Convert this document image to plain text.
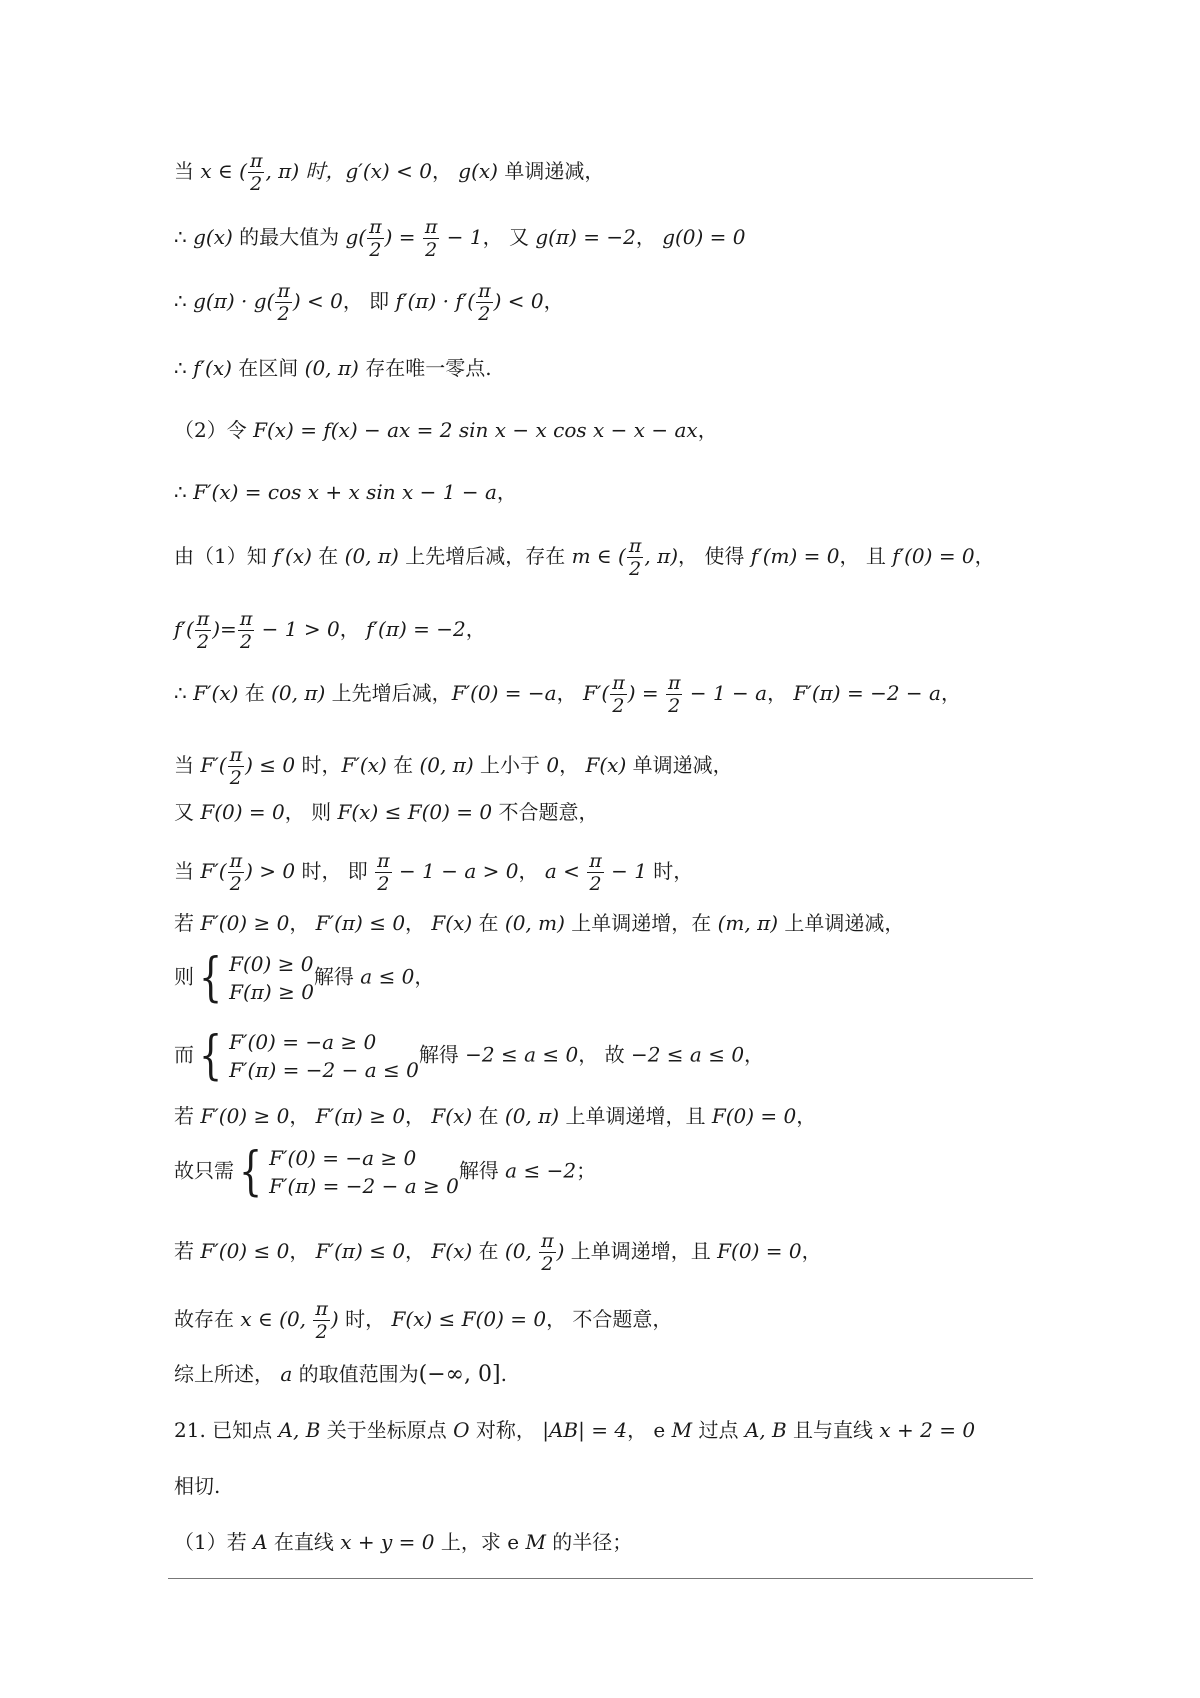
当 x ∈ ( $\frac{\pi}{2}$ , π) 时，g′(x) < 0， g(x) 单调递减，
∴ g(x) 的最大值为 $g( \frac{\pi}{2}$ ) = $\frac{\pi}{2} - 1$， 又 g(π) = −2， g(0) = 0
∴ $g(\pi) \cdot g( \frac{\pi}{2}$ ) < 0， 即 $f'(\pi) \cdot f'( \frac{\pi}{2}$ ) < 0，
∴ f′(x) 在区间 (0, π) 存在唯一零点.
（2）令 F(x) = f(x) − ax = 2 sin x − x cos x − x − ax，
∴ F′(x) = cos x + x sin x − 1 − a，
由（1）知 f′(x) 在 (0, π) 上先增后减，存在 m ∈ ( $\frac{\pi}{2}$ , π)， 使得 f′(m) = 0， 且 f′(0) = 0，
$f'( \frac{\pi}{2}$ )= $\frac{\pi}{2} - 1 > 0$， f′(π) = −2，
∴ F′(x) 在 (0, π) 上先增后减，F′(0) = −a， $F'( \frac{\pi}{2}$ ) = $\frac{\pi}{2} - 1 - a$， F′(π) = −2 − a，
当 $F'( \frac{\pi}{2}$ ) ≤ 0 时，F′(x) 在 (0, π) 上小于 0， F(x) 单调递减，
又 F(0) = 0， 则 F(x) ≤ F(0) = 0 不合题意，
当 $F'( \frac{\pi}{2}$ ) > 0 时， 即 $\frac{\pi}{2} - 1 - a > 0$， $a < \frac{\pi}{2} - 1$ 时，
若 F′(0) ≥ 0， F′(π) ≤ 0， F(x) 在 (0, m) 上单调递增，在 (m, π) 上单调递减，
则 { F(0) ≥ 0
F(π) ≥ 0
解得 a ≤ 0，
而 { F′(0) = −a ≥ 0
F′(π) = −2 − a ≤ 0
解得 −2 ≤ a ≤ 0， 故 −2 ≤ a ≤ 0，
若 F′(0) ≥ 0， F′(π) ≥ 0， F(x) 在 (0, π) 上单调递增，且 F(0) = 0，
故只需 { F′(0) = −a ≥ 0
F′(π) = −2 − a ≥ 0
解得 a ≤ −2；
若 F′(0) ≤ 0， F′(π) ≤ 0， F(x) 在 (0, $\frac{\pi}{2}$ ) 上单调递增，且 F(0) = 0，
故存在 x ∈ (0, $\frac{\pi}{2}$ ) 时， F(x) ≤ F(0) = 0， 不合题意，
综上所述， a 的取值范围为(−∞, 0].
21. 已知点 A, B 关于坐标原点 O 对称， |AB| = 4， e M 过点 A, B 且与直线 x + 2 = 0
相切.
（1）若 A 在直线 x + y = 0 上，求 e M 的半径；
